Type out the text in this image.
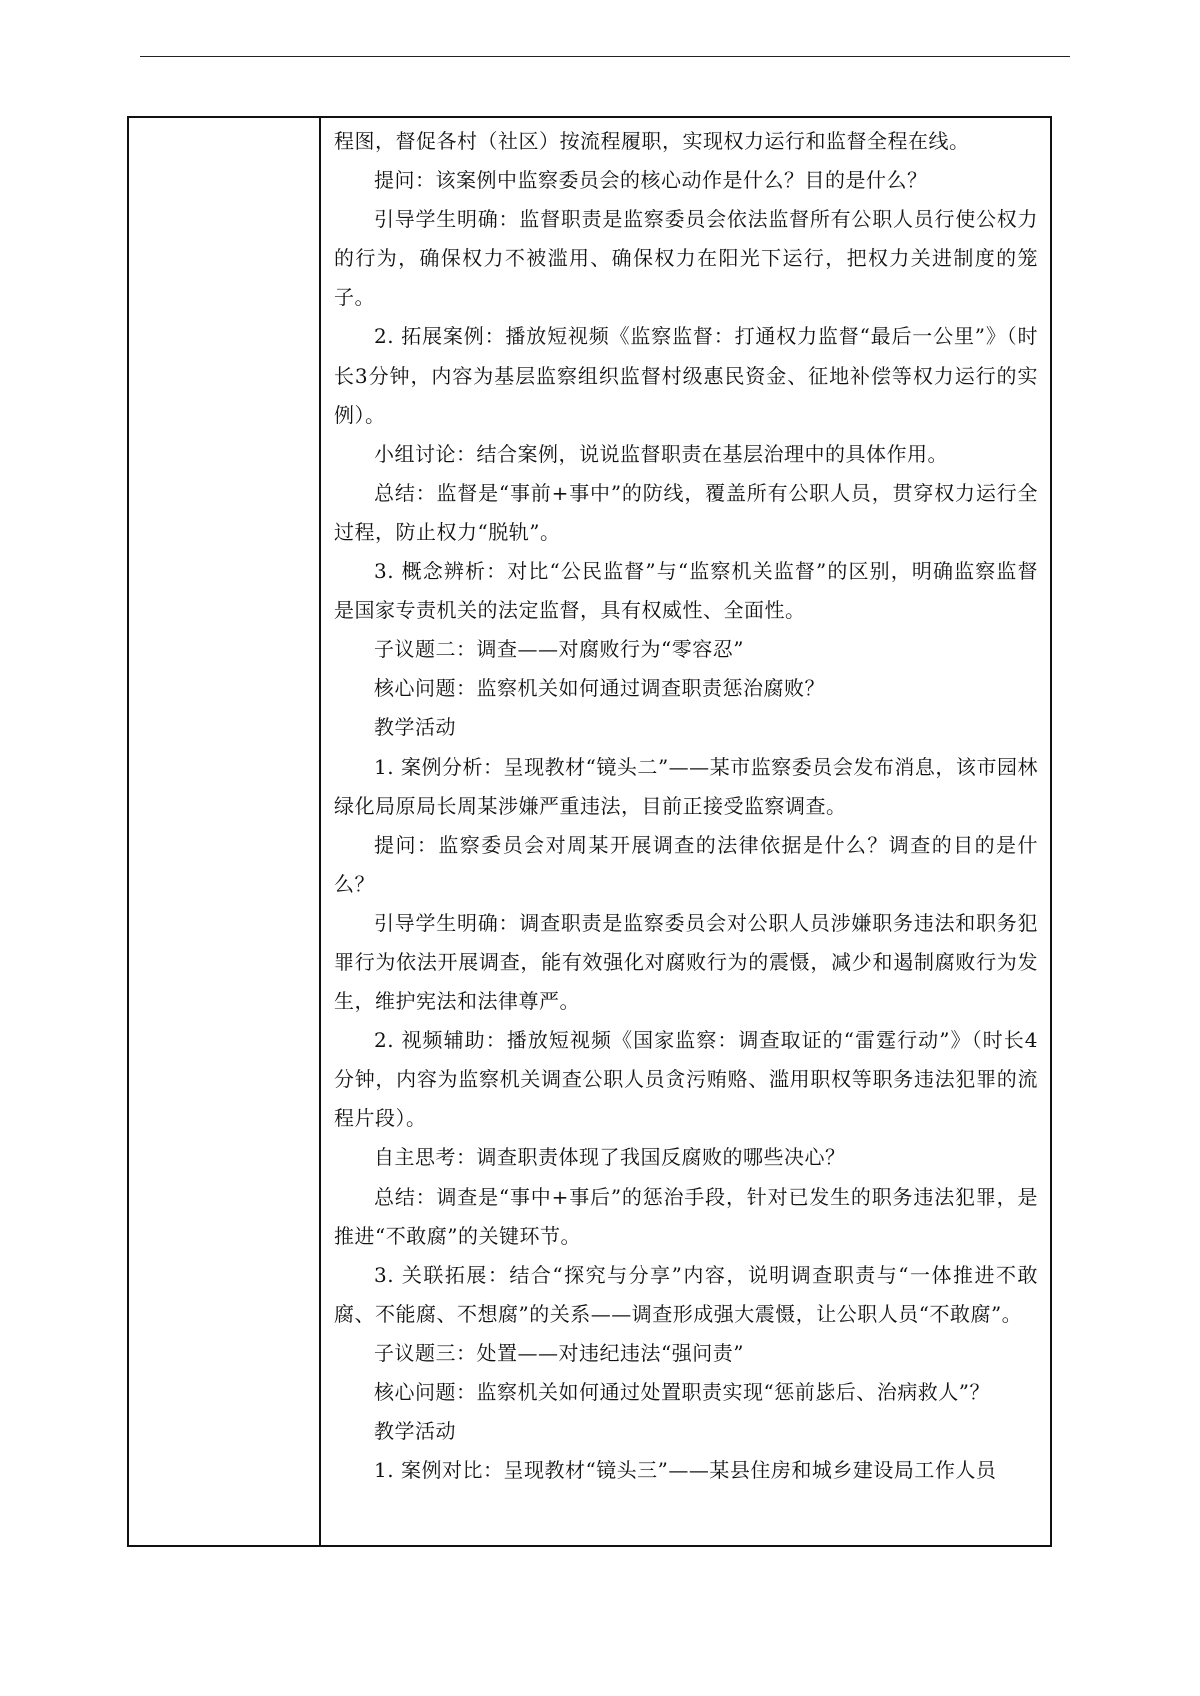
程图，督促各村（社区）按流程履职，实现权力运行和监督全程在线。

提问：该案例中监察委员会的核心动作是什么？目的是什么？

引导学生明确：监督职责是监察委员会依法监督所有公职人员行使公权力的行为，确保权力不被滥用、确保权力在阳光下运行，把权力关进制度的笼子。

2. 拓展案例：播放短视频《监察监督：打通权力监督“最后一公里”》（时长3分钟，内容为基层监察组织监督村级惠民资金、征地补偿等权力运行的实例）。

小组讨论：结合案例，说说监督职责在基层治理中的具体作用。

总结：监督是“事前+事中”的防线，覆盖所有公职人员，贯穿权力运行全过程，防止权力“脱轨”。

3. 概念辨析：对比“公民监督”与“监察机关监督”的区别，明确监察监督是国家专责机关的法定监督，具有权威性、全面性。

子议题二：调查——对腐败行为“零容忍”

核心问题：监察机关如何通过调查职责惩治腐败？

教学活动

1. 案例分析：呈现教材“镜头二”——某市监察委员会发布消息，该市园林绿化局原局长周某涉嫌严重违法，目前正接受监察调查。

提问：监察委员会对周某开展调查的法律依据是什么？调查的目的是什么？

引导学生明确：调查职责是监察委员会对公职人员涉嫌职务违法和职务犯罪行为依法开展调查，能有效强化对腐败行为的震慑，减少和遏制腐败行为发生，维护宪法和法律尊严。

2. 视频辅助：播放短视频《国家监察：调查取证的“雷霆行动”》（时长4分钟，内容为监察机关调查公职人员贪污贿赂、滥用职权等职务违法犯罪的流程片段）。

自主思考：调查职责体现了我国反腐败的哪些决心？

总结：调查是“事中+事后”的惩治手段，针对已发生的职务违法犯罪，是推进“不敢腐”的关键环节。

3. 关联拓展：结合“探究与分享”内容，说明调查职责与“一体推进不敢腐、不能腐、不想腐”的关系——调查形成强大震慑，让公职人员“不敢腐”。

子议题三：处置——对违纪违法“强问责”

核心问题：监察机关如何通过处置职责实现“惩前毖后、治病救人”？

教学活动

1. 案例对比：呈现教材“镜头三”——某县住房和城乡建设局工作人员
